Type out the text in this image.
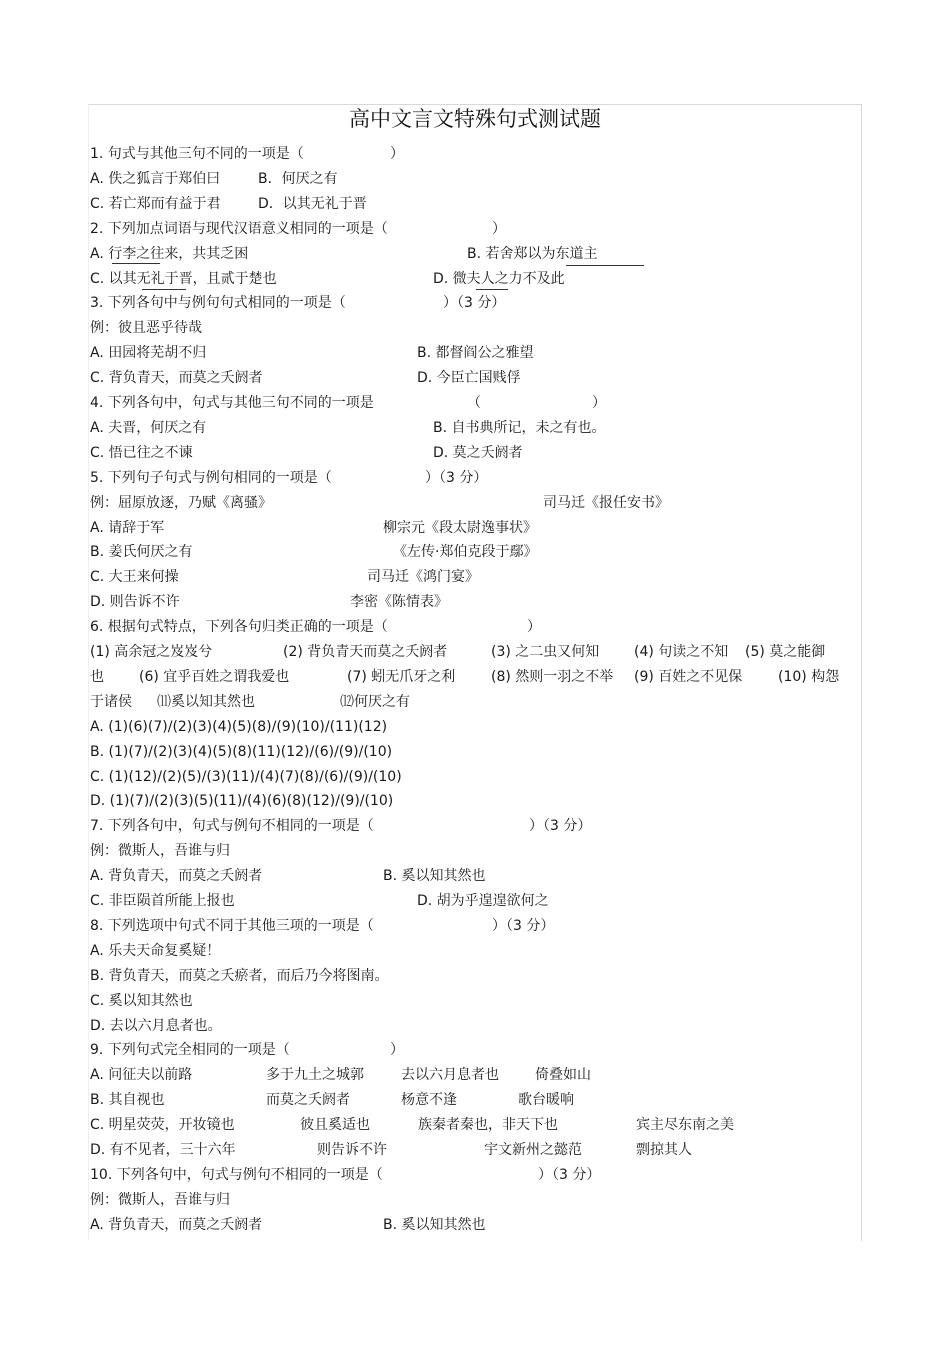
高中文言文特殊句式测试题
1. 句式与其他三句不同的一项是（	）
A. 佚之狐言于郑伯曰	B．何厌之有
C. 若亡郑而有益于君	D．以其无礼于晋
2. 下列加点词语与现代汉语意义相同的一项是（	）
A. 行李之往来，共其乏困	B. 若舍郑以为东道主
C. 以其无礼于晋，且贰于楚也	D. 微夫人之力不及此
3. 下列各句中与例句句式相同的一项是（	）（3 分）
例：彼且恶乎待哉
A. 田园将芜胡不归	B. 都督阎公之雅望
C. 背负青天，而莫之夭阏者	D. 今臣亡国贱俘
4. 下列各句中，句式与其他三句不同的一项是	（	）
A. 夫晋，何厌之有	B. 自书典所记，未之有也。
C. 悟已往之不谏	D. 莫之夭阏者
5. 下列句子句式与例句相同的一项是（	）（3 分）
例：屈原放逐，乃赋《离骚》	司马迁《报任安书》
A. 请辞于军	柳宗元《段太尉逸事状》
B. 姜氏何厌之有	《左传·郑伯克段于鄢》
C. 大王来何操	司马迁《鸿门宴》
D. 则告诉不许	李密《陈情表》
6. 根据句式特点，下列各句归类正确的一项是（	）
(1) 高余冠之岌岌兮	(2) 背负青天而莫之夭阏者	(3) 之二虫又何知 (4) 句读之不知 (5) 莫之能御
也	(6) 宜乎百姓之谓我爱也	(7) 蚓无爪牙之利	(8) 然则一羽之不举 (9) 百姓之不见保	(10) 构怨
于诸侯 ⑾奚以知其然也	⑿何厌之有
A. (1)(6)(7)/(2)(3)(4)(5)(8)/(9)(10)/(11)(12)
B. (1)(7)/(2)(3)(4)(5)(8)(11)(12)/(6)/(9)/(10)
C. (1)(12)/(2)(5)/(3)(11)/(4)(7)(8)/(6)/(9)/(10)
D. (1)(7)/(2)(3)(5)(11)/(4)(6)(8)(12)/(9)/(10)
7. 下列各句中，句式与例句不相同的一项是（	）（3 分）
例：微斯人，吾谁与归
A. 背负青天，而莫之夭阏者	B. 奚以知其然也
C. 非臣陨首所能上报也	D. 胡为乎遑遑欲何之
8. 下列选项中句式不同于其他三项的一项是（	）（3 分）
A. 乐夫天命复奚疑！
B. 背负青天，而莫之夭瘀者，而后乃今将图南。
C. 奚以知其然也
D. 去以六月息者也。
9. 下列句式完全相同的一项是（	）
A. 问征夫以前路	多于九土之城郭	去以六月息者也	倚叠如山
B. 其自视也	而莫之夭阏者	杨意不逢	歌台暖响
C. 明星荧荧，开妆镜也	彼且奚适也	族秦者秦也，非天下也	宾主尽东南之美
D. 有不见者，三十六年	则告诉不许	宇文新州之懿范	剽掠其人
10. 下列各句中，句式与例句不相同的一项是（	）（3 分）
例：微斯人，吾谁与归
A. 背负青天，而莫之夭阏者	B. 奚以知其然也
